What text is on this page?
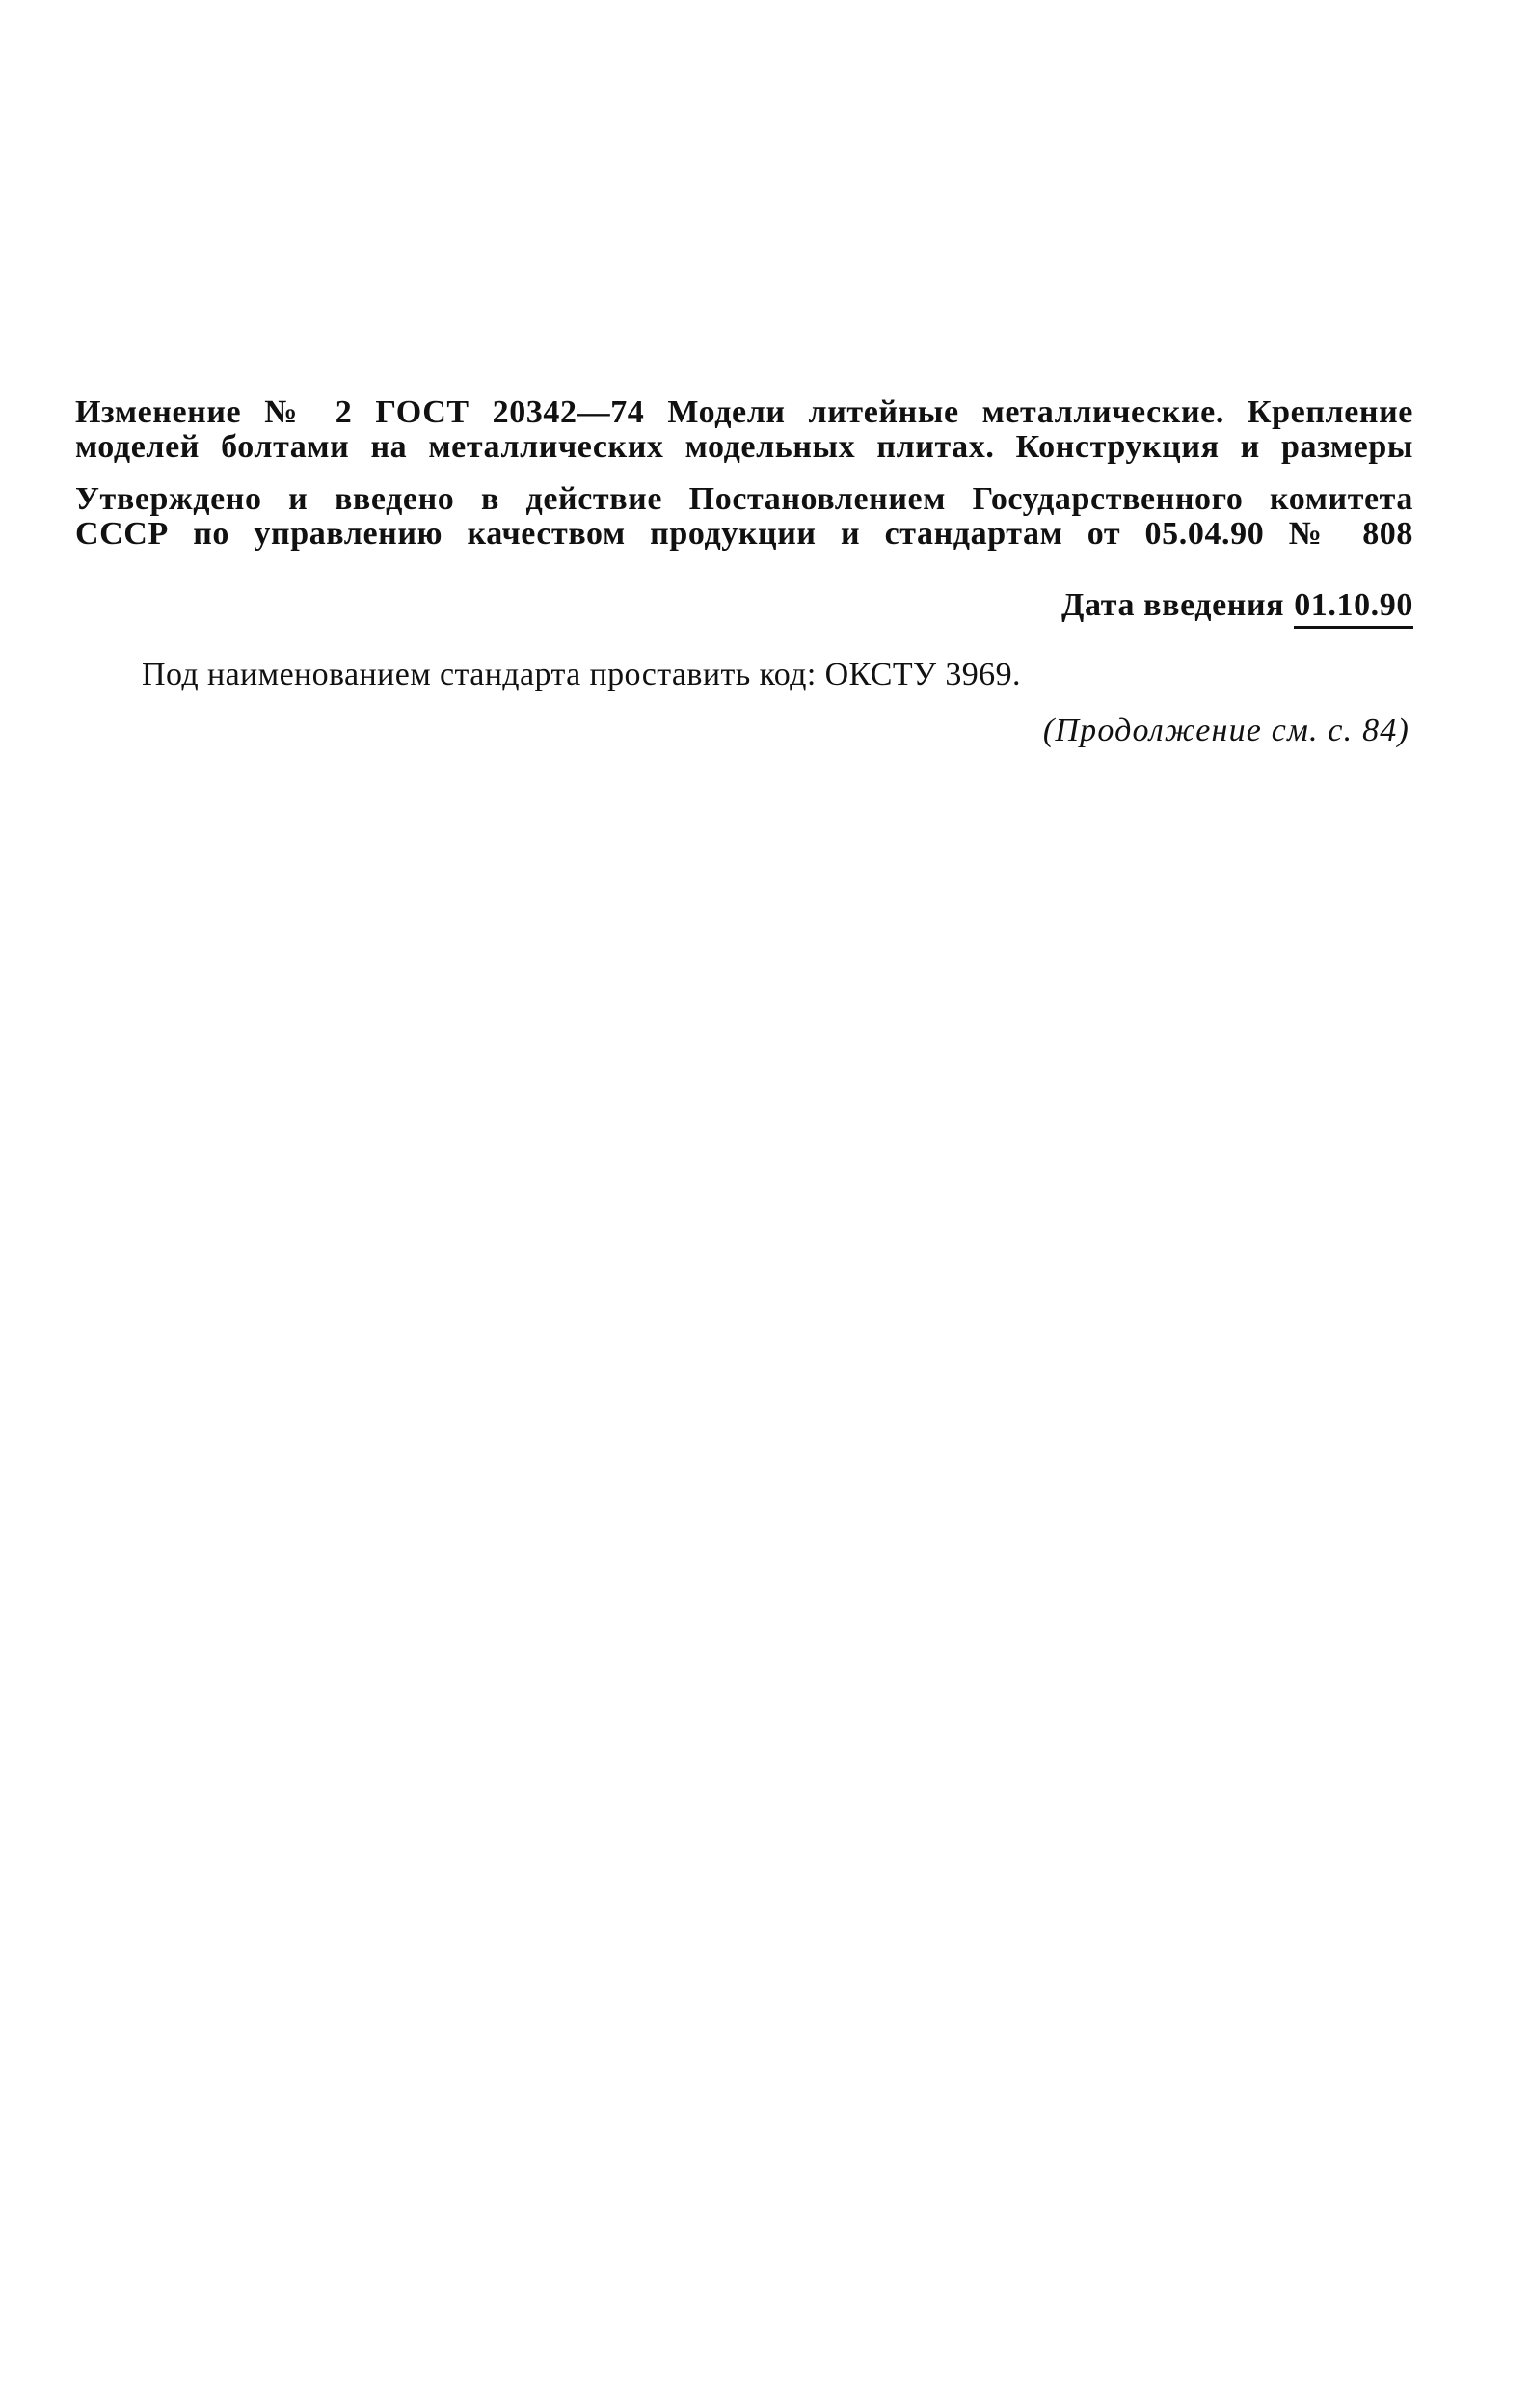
Изменение № 2 ГОСТ 20342—74 Модели литейные металлические. Крепление
моделей болтами на металлических модельных плитах. Конструкция и размеры
Утверждено и введено в действие Постановлением Государственного комитета
СССР по управлению качеством продукции и стандартам от 05.04.90 № 808
Дата введения 01.10.90
Под наименованием стандарта проставить код: ОКСТУ 3969.
(Продолжение см. с. 84)
